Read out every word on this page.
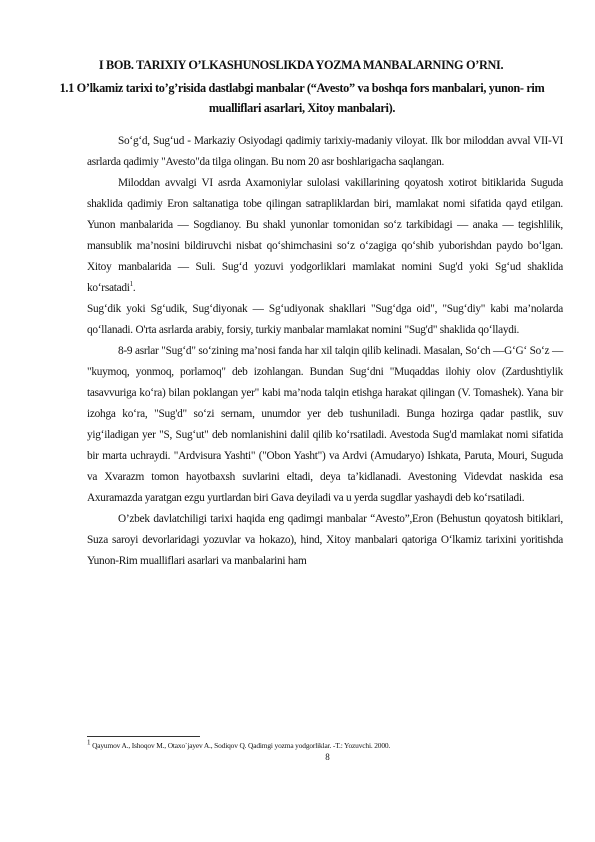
I BOB. TARIXIY O’LKASHUNOSLIKDA YOZMA MANBALARNING O’RNI.
1.1 O’lkamiz tarixi to’g’risida dastlabgi manbalar (“Avesto” va boshqa fors manbalari, yunon- rim mualliflari asarlari, Xitoy manbalari).

So‘g‘d, Sug‘ud - Markaziy Osiyodagi qadimiy tarixiy-madaniy viloyat. Ilk bor miloddan avval VII-VI asrlarda qadimiy "Avesto"da tilga olingan. Bu nom 20 asr boshlarigacha saqlangan.

Miloddan avvalgi VI asrda Axamoniylar sulolasi vakillarining qoyatosh xotirot bitiklarida Suguda shaklida qadimiy Eron saltanatiga tobe qilingan satrapliklardan biri, mamlakat nomi sifatida qayd etilgan. Yunon manbalarida — Sogdianoy. Bu shakl yunonlar tomonidan so‘z tarkibidagi — anaka — tegishlilik, mansublik ma’nosini bildiruvchi nisbat qo‘shimchasini so‘z o‘zagiga qo‘shib yuborishdan paydo bo‘lgan. Xitoy manbalarida — Suli. Sug‘d yozuvi yodgorliklari mamlakat nomini Sug'd yoki Sg‘ud shaklida ko‘rsatadi$^1$.

Sug‘dik yoki Sg‘udik, Sug‘diyonak — Sg‘udiyonak shakllari "Sug‘dga oid", "Sug‘diy" kabi ma’nolarda qo‘llanadi. O'rta asrlarda arabiy, forsiy, turkiy manbalar mamlakat nomini "Sug'd" shaklida qo‘llaydi.

8-9 asrlar "Sug‘d" so‘zining ma’nosi fanda har xil talqin qilib kelinadi. Masalan, So‘ch —G‘G‘ So‘z — "kuymoq, yonmoq, porlamoq" deb izohlangan. Bundan Sug‘dni "Muqaddas ilohiy olov (Zardushtiylik tasavvuriga ko‘ra) bilan poklangan yer" kabi ma’noda talqin etishga harakat qilingan (V. Tomashek). Yana bir izohga ko‘ra, "Sug'd" so‘zi sernam, unumdor yer deb tushuniladi. Bunga hozirga qadar pastlik, suv yig‘iladigan yer "S, Sug‘ut" deb nomlanishini dalil qilib ko‘rsatiladi. Avestoda Sug'd mamlakat nomi sifatida bir marta uchraydi. "Ardvisura Yashti" ("Obon Yasht") va Ardvi (Amudaryo) Ishkata, Paruta, Mouri, Suguda va Xvarazm tomon hayotbaxsh suvlarini eltadi, deya ta’kidlanadi. Avestoning Videvdat naskida esa Axuramazda yaratgan ezgu yurtlardan biri Gava deyiladi va u yerda sugdlar yashaydi deb ko‘rsatiladi.

O’zbek davlatchiligi tarixi haqida eng qadimgi manbalar “Avesto”,Eron (Behustun qoyatosh bitiklari, Suza saroyi devorlaridagi yozuvlar va hokazo), hind, Xitoy manbalari qatoriga O‘lkamiz tarixini yoritishda Yunon-Rim mualliflari asarlari va manbalarini ham

$^1$ Qayumov A., Ishoqov M., Otaxo`jayev A., Sodiqov Q. Qadimgi yozma yodgorliklar. -T.: Yozuvchi. 2000.
8
